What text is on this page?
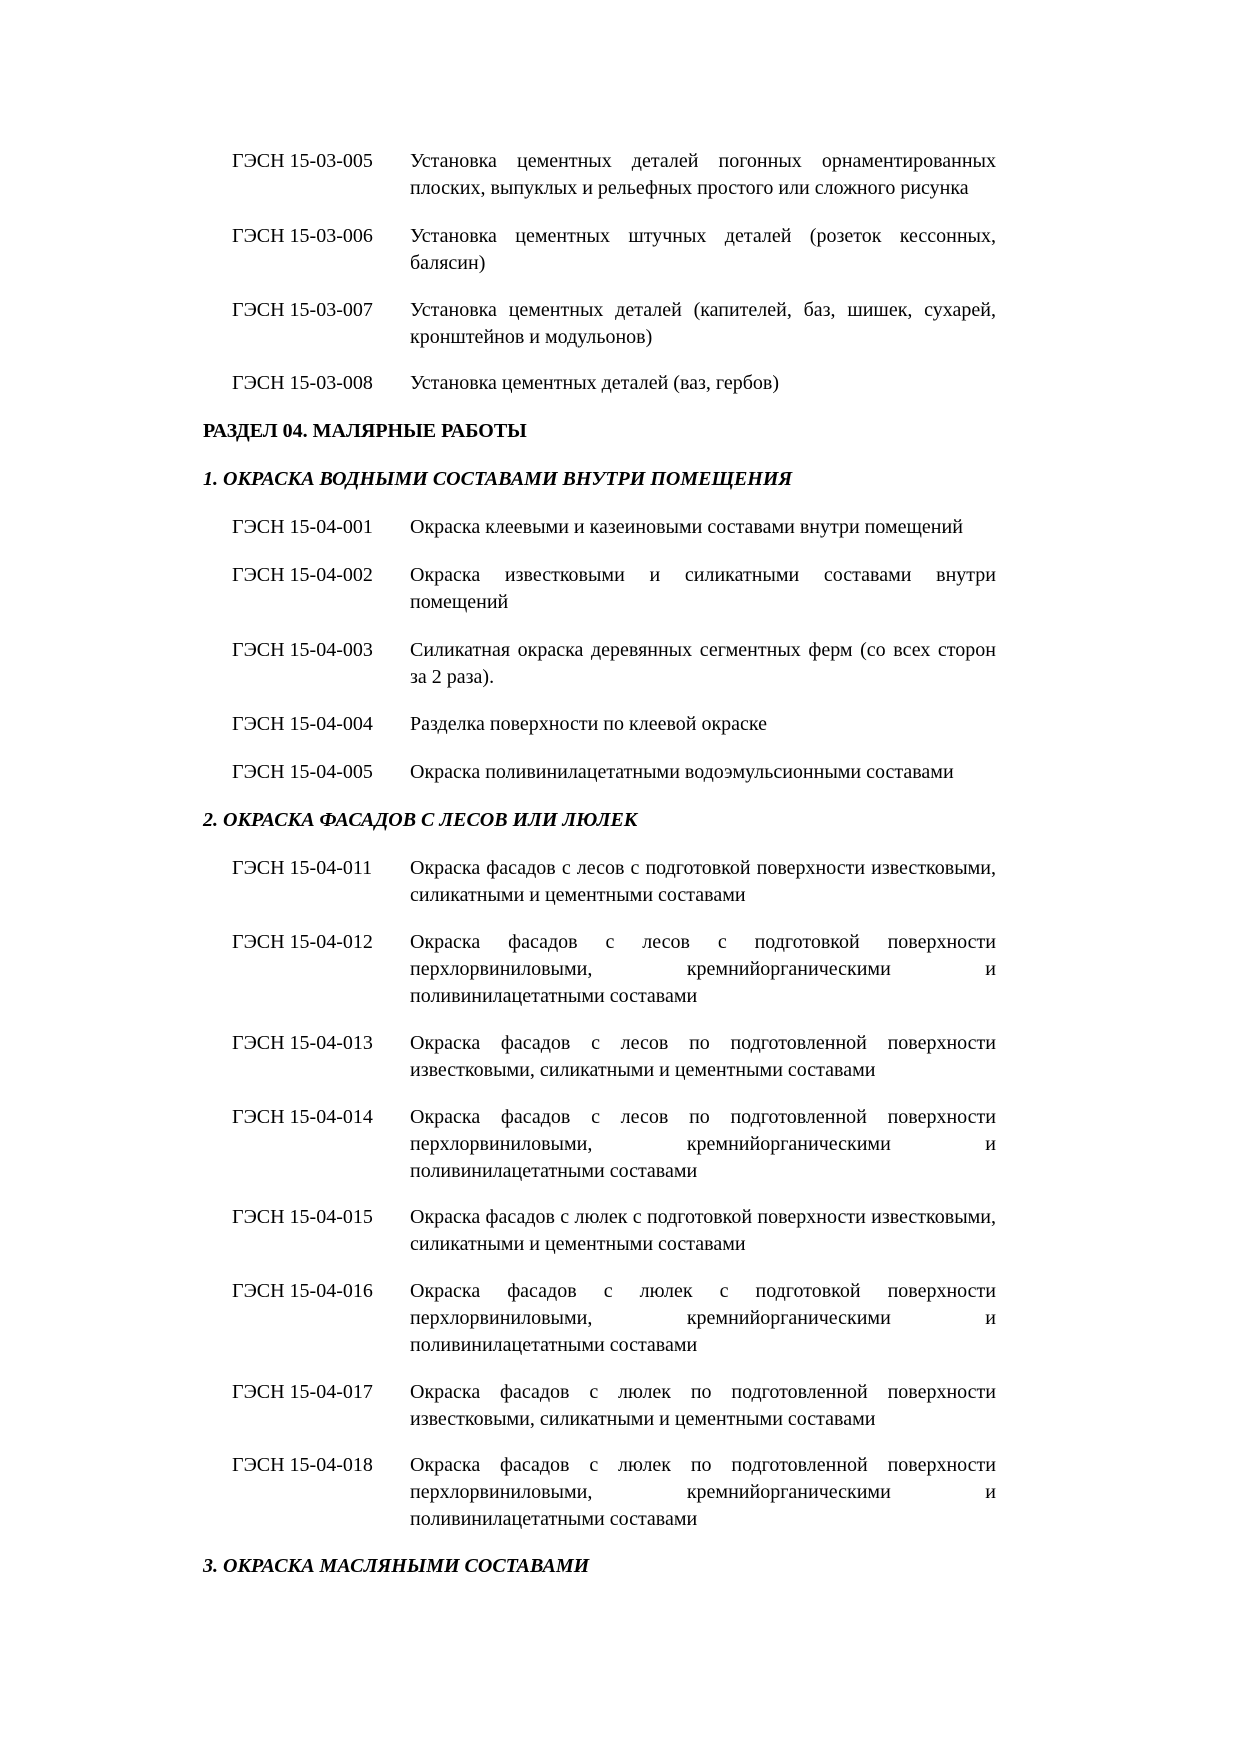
ГЭСН 15-03-005 Установка цементных деталей погонных орнаментированных плоских, выпуклых и рельефных простого или сложного рисунка
ГЭСН 15-03-006 Установка цементных штучных деталей (розеток кессонных, балясин)
ГЭСН 15-03-007 Установка цементных деталей (капителей, баз, шишек, сухарей, кронштейнов и модульонов)
ГЭСН 15-03-008 Установка цементных деталей (ваз, гербов)
РАЗДЕЛ 04. МАЛЯРНЫЕ РАБОТЫ
1. ОКРАСКА ВОДНЫМИ СОСТАВАМИ ВНУТРИ ПОМЕЩЕНИЯ
ГЭСН 15-04-001 Окраска клеевыми и казеиновыми составами внутри помещений
ГЭСН 15-04-002 Окраска известковыми и силикатными составами внутри помещений
ГЭСН 15-04-003 Силикатная окраска деревянных сегментных ферм (со всех сторон за 2 раза).
ГЭСН 15-04-004 Разделка поверхности по клеевой окраске
ГЭСН 15-04-005 Окраска поливинилацетатными водоэмульсионными составами
2. ОКРАСКА ФАСАДОВ С ЛЕСОВ ИЛИ ЛЮЛЕК
ГЭСН 15-04-011 Окраска фасадов с лесов с подготовкой поверхности известковыми, силикатными и цементными составами
ГЭСН 15-04-012 Окраска фасадов с лесов с подготовкой поверхности перхлорвиниловыми, кремнийорганическими и поливинилацетатными составами
ГЭСН 15-04-013 Окраска фасадов с лесов по подготовленной поверхности известковыми, силикатными и цементными составами
ГЭСН 15-04-014 Окраска фасадов с лесов по подготовленной поверхности перхлорвиниловыми, кремнийорганическими и поливинилацетатными составами
ГЭСН 15-04-015 Окраска фасадов с люлек с подготовкой поверхности известковыми, силикатными и цементными составами
ГЭСН 15-04-016 Окраска фасадов с люлек с подготовкой поверхности перхлорвиниловыми, кремнийорганическими и поливинилацетатными составами
ГЭСН 15-04-017 Окраска фасадов с люлек по подготовленной поверхности известковыми, силикатными и цементными составами
ГЭСН 15-04-018 Окраска фасадов с люлек по подготовленной поверхности перхлорвиниловыми, кремнийорганическими и поливинилацетатными составами
3. ОКРАСКА МАСЛЯНЫМИ СОСТАВАМИ
